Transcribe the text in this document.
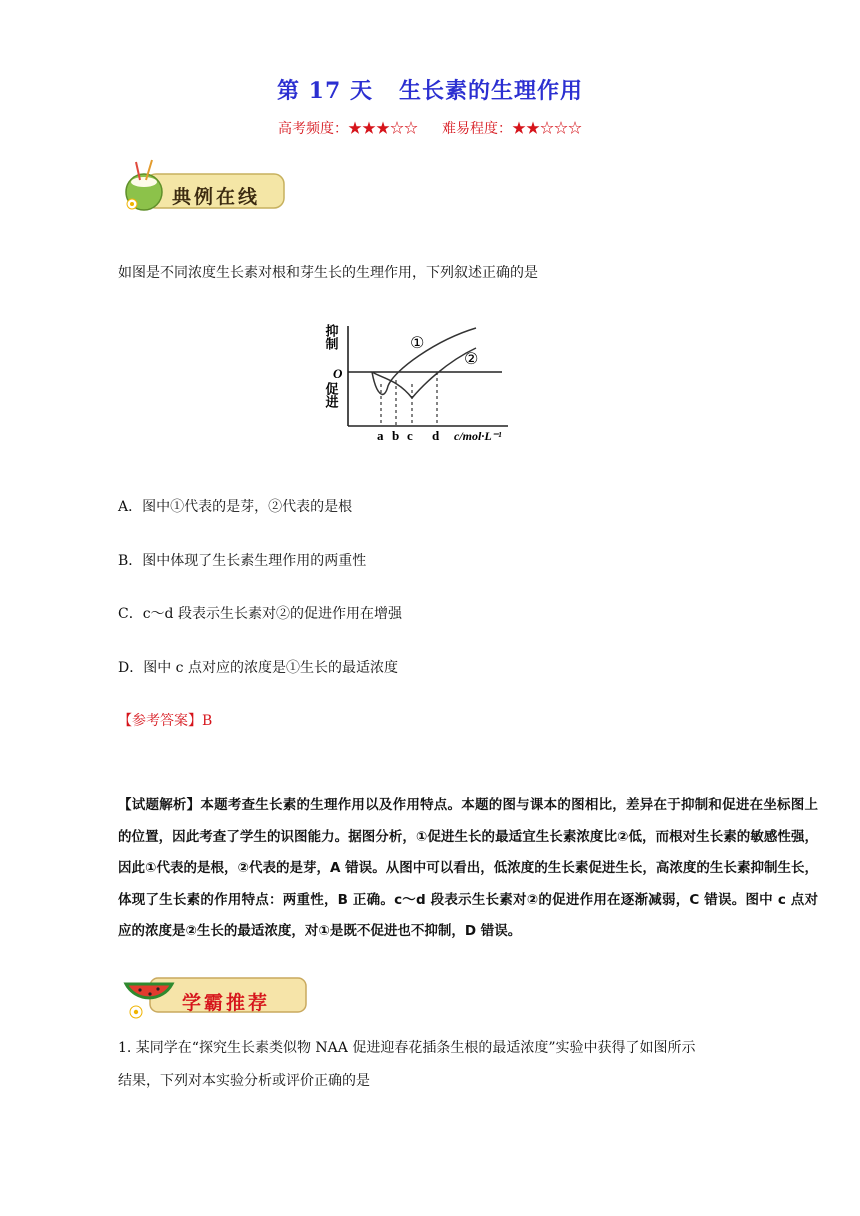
第 17 天 生长素的生理作用
高考频度：★★★☆☆ 难易程度：★★☆☆☆
典例在线
如图是不同浓度生长素对根和芽生长的生理作用，下列叙述正确的是
抑制
O
促进
①
②
a b c d c/mol·L⁻¹
A．图中①代表的是芽，②代表的是根
B．图中体现了生长素生理作用的两重性
C．c～d 段表示生长素对②的促进作用在增强
D．图中 c 点对应的浓度是①生长的最适浓度
【参考答案】B
【试题解析】本题考查生长素的生理作用以及作用特点。本题的图与课本的图相比，差异在于抑制和促进在坐标图上的位置，因此考查了学生的识图能力。据图分析，①促进生长的最适宜生长素浓度比②低，而根对生长素的敏感性强，因此①代表的是根，②代表的是芽，A 错误。从图中可以看出，低浓度的生长素促进生长，高浓度的生长素抑制生长，体现了生长素的作用特点：两重性，B 正确。c～d 段表示生长素对②的促进作用在逐渐减弱，C 错误。图中 c 点对应的浓度是②生长的最适浓度，对①是既不促进也不抑制，D 错误。
学霸推荐
1. 某同学在“探究生长素类似物 NAA 促进迎春花插条生根的最适浓度”实验中获得了如图所示
结果，下列对本实验分析或评价正确的是
